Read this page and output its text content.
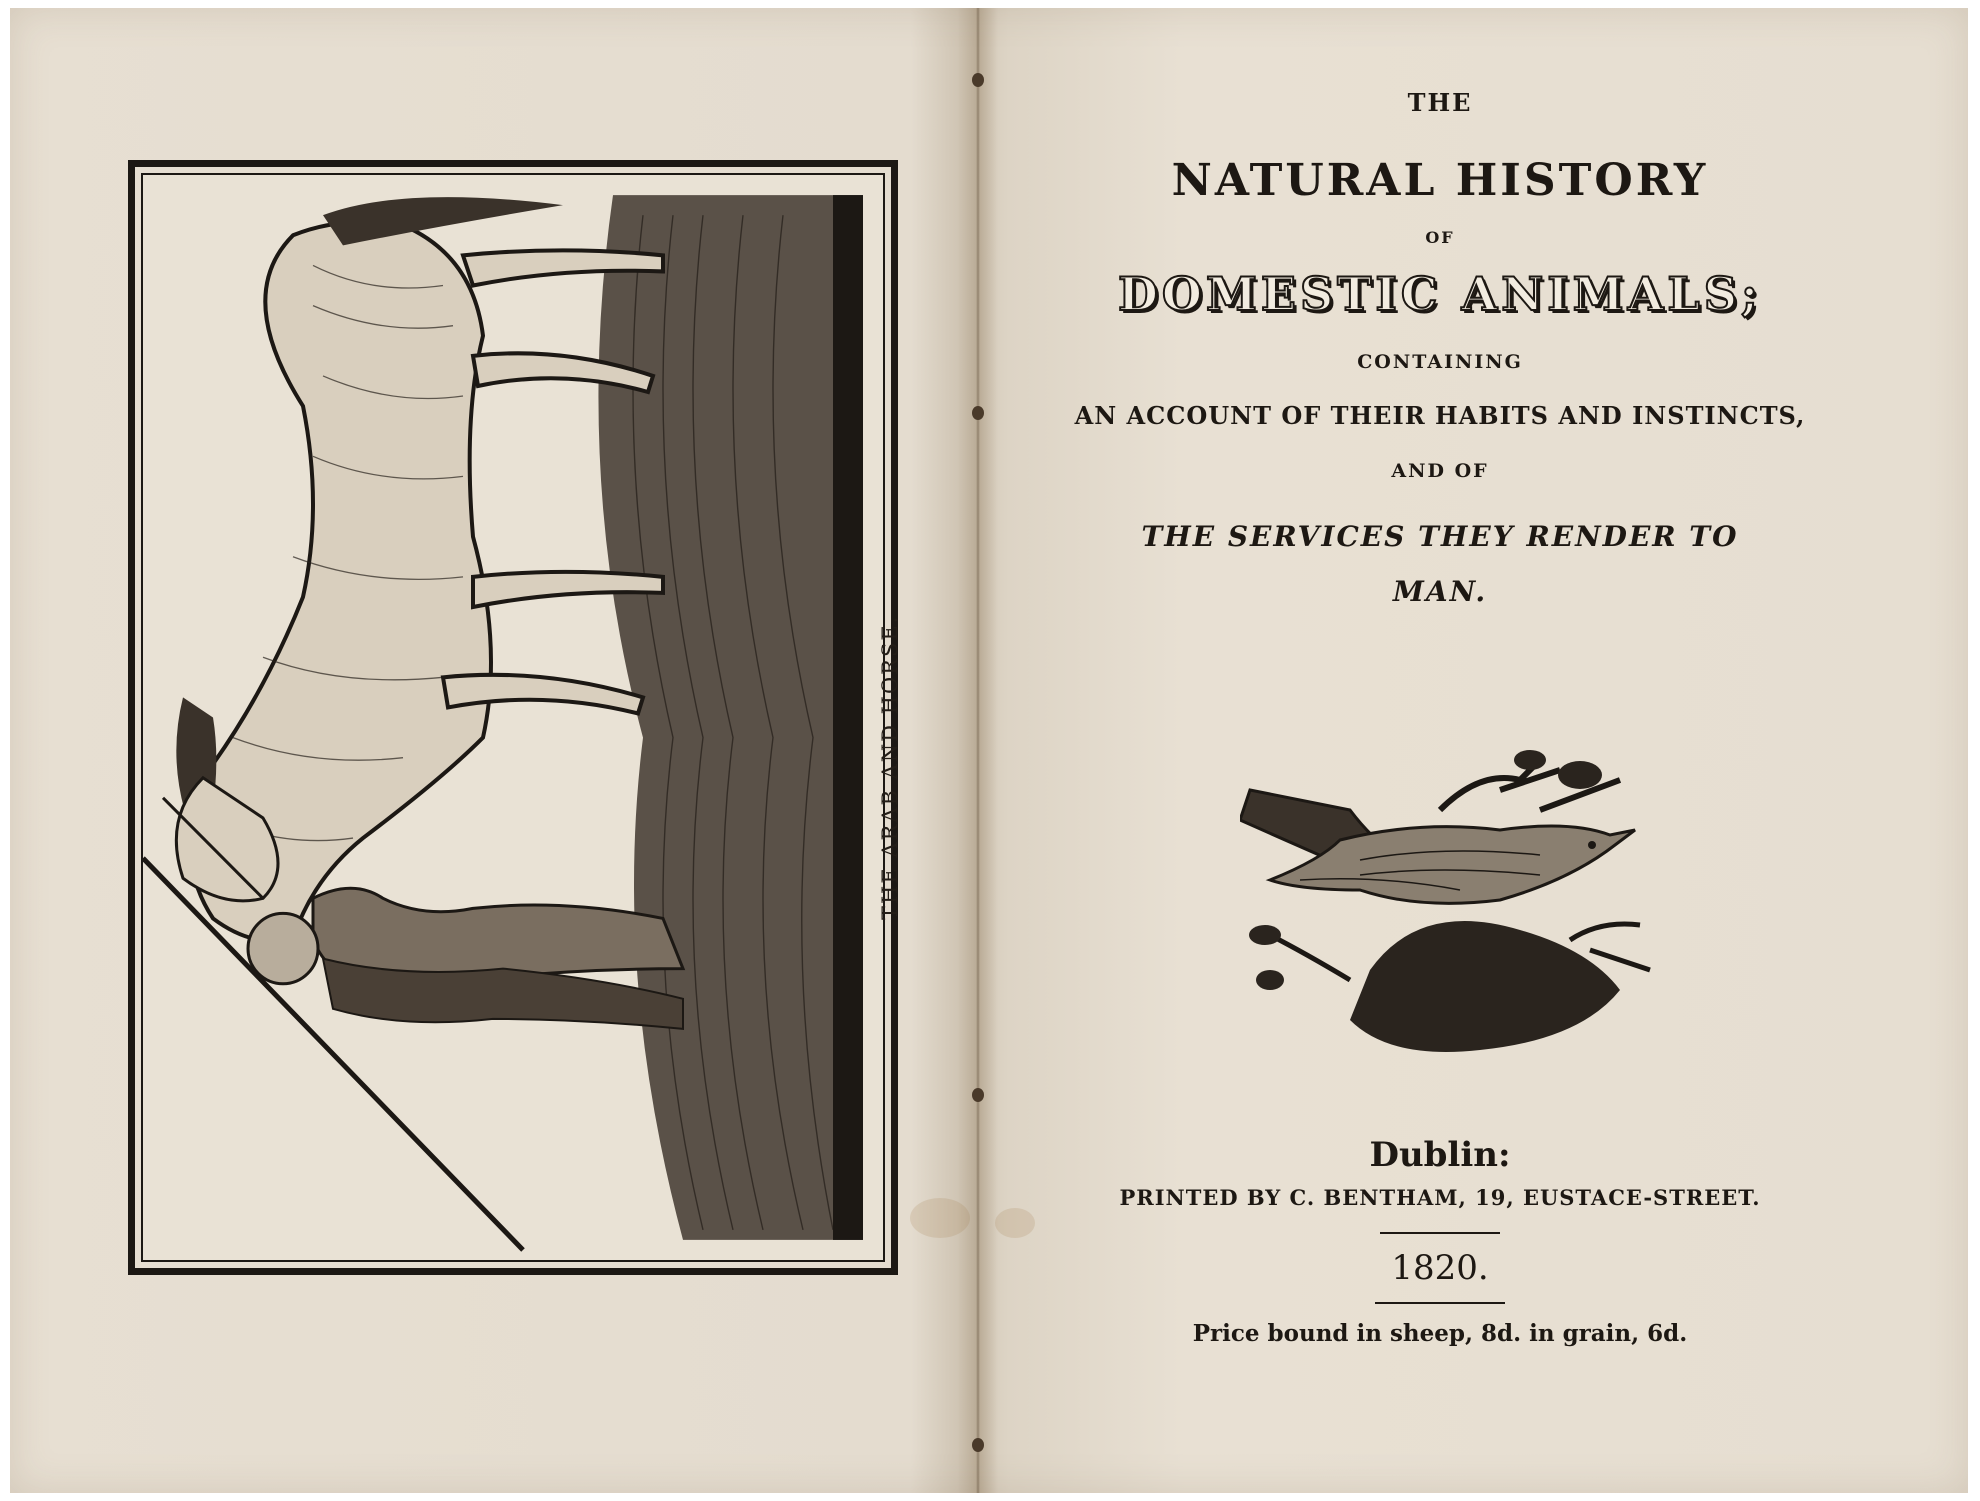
THE ARAB AND HORSE.
THE
NATURAL HISTORY
OF
DOMESTIC ANIMALS;
CONTAINING
AN ACCOUNT OF THEIR HABITS AND INSTINCTS,
AND OF
THE SERVICES THEY RENDER TO
MAN.
Dublin:
PRINTED BY C. BENTHAM, 19, EUSTACE-STREET.
1820.
Price bound in sheep, 8d. in grain, 6d.
